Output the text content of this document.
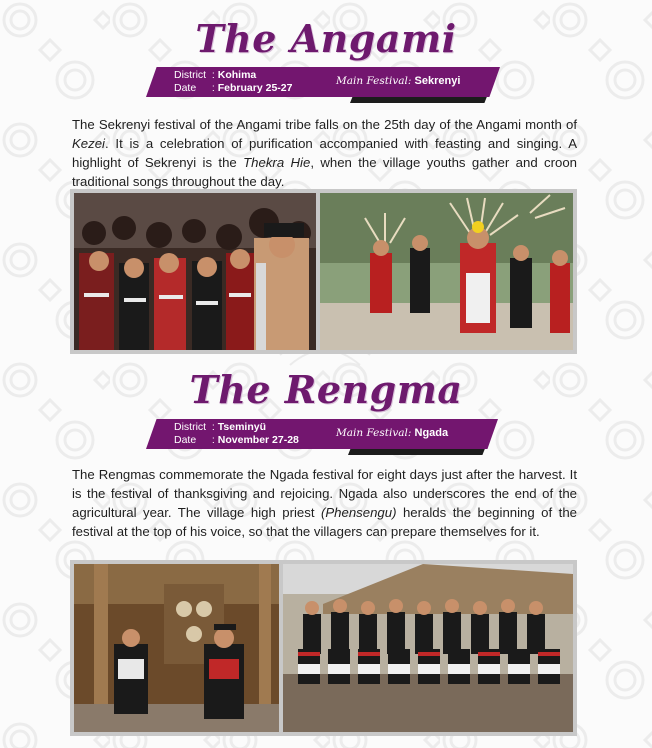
The Angami
District : Kohima
Date : February 25-27
Main Festival: Sekrenyi
The Sekrenyi festival of the Angami tribe falls on the 25th day of the Angami month of Kezei. It is a celebration of purification accompanied with feasting and singing. A highlight of Sekrenyi is the Thekra Hie, when the village youths gather and croon traditional songs throughout the day.
The Rengma
District : Tseminyü
Date : November 27-28
Main Festival: Ngada
The Rengmas commemorate the Ngada festival for eight days just after the harvest. It is the festival of thanksgiving and rejoicing. Ngada also underscores the end of the agricultural year. The village high priest (Phensengu) heralds the beginning of the festival at the top of his voice, so that the villagers can prepare themselves for it.
